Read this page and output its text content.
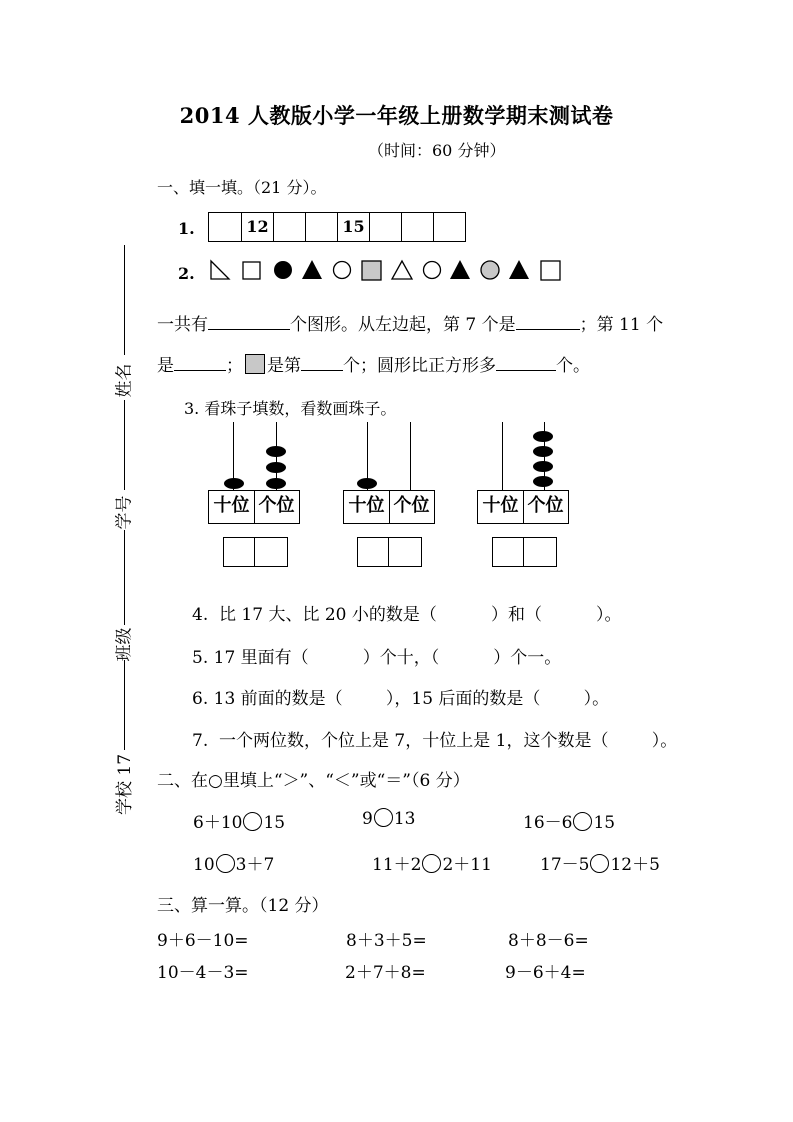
2014 人教版小学一年级上册数学期末测试卷
（时间：60 分钟）
姓名
学号
班级
学校 17
一、填一填。（21 分）。
1.	12	15
2.
一共有	个图形。从左边起，第 7 个是	；第 11 个
是	； 是第 个；圆形比正方形多	个。
3. 看珠子填数，看数画珠子。
十位 个位	十位 个位	十位 个位
4.  比 17 大、比 20 小的数是（          ）和（          ）。
5. 17 里面有（          ）个十，（          ）个一。
6. 13 前面的数是（        ），15 后面的数是（        ）。
7.  一个两位数，个位上是 7，十位上是 1，这个数是（        ）。
二、在○里填上“＞”、“＜”或“＝”（6 分）
6＋10 15	9 13	16－6 15
10 3＋7	11＋2 2＋11	17－5 12＋5
三、算一算。（12 分）
9＋6－10=	8＋3＋5=	8＋8－6=
10－4－3=	2＋7＋8=	9－6＋4=
